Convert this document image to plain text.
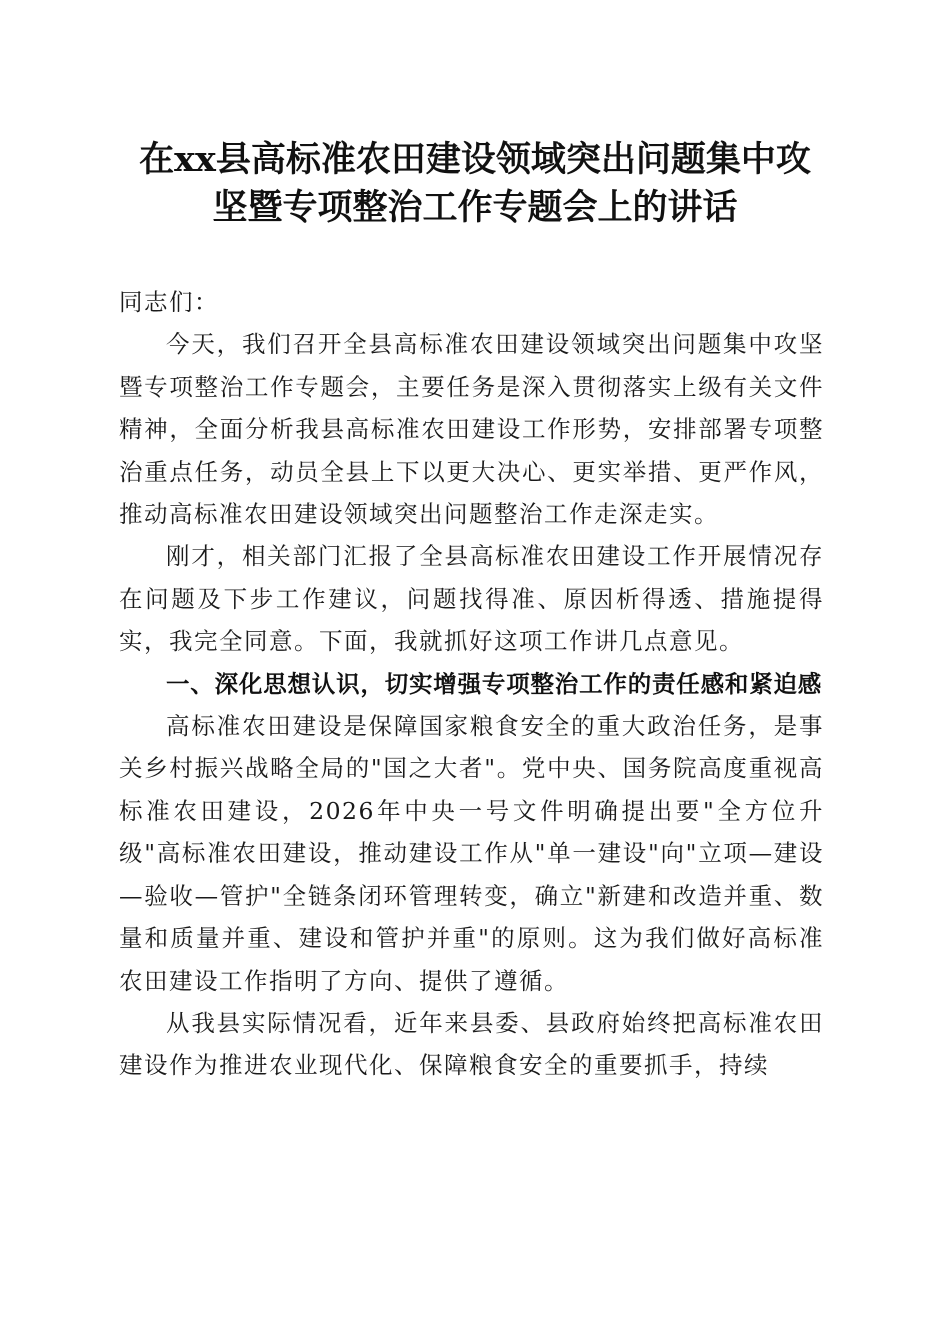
在xx县高标准农田建设领域突出问题集中攻
坚暨专项整治工作专题会上的讲话

同志们：

今天，我们召开全县高标准农田建设领域突出问题集中攻坚暨专项整治工作专题会，主要任务是深入贯彻落实上级有关文件精神，全面分析我县高标准农田建设工作形势，安排部署专项整治重点任务，动员全县上下以更大决心、更实举措、更严作风，推动高标准农田建设领域突出问题整治工作走深走实。

刚才，相关部门汇报了全县高标准农田建设工作开展情况存在问题及下步工作建议，问题找得准、原因析得透、措施提得实，我完全同意。下面，我就抓好这项工作讲几点意见。

一、深化思想认识，切实增强专项整治工作的责任感和紧迫感

高标准农田建设是保障国家粮食安全的重大政治任务，是事关乡村振兴战略全局的"国之大者"。党中央、国务院高度重视高标准农田建设，2026年中央一号文件明确提出要"全方位升级"高标准农田建设，推动建设工作从"单一建设"向"立项—建设—验收—管护"全链条闭环管理转变，确立"新建和改造并重、数量和质量并重、建设和管护并重"的原则。这为我们做好高标准农田建设工作指明了方向、提供了遵循。

从我县实际情况看，近年来县委、县政府始终把高标准农田建设作为推进农业现代化、保障粮食安全的重要抓手，持续
